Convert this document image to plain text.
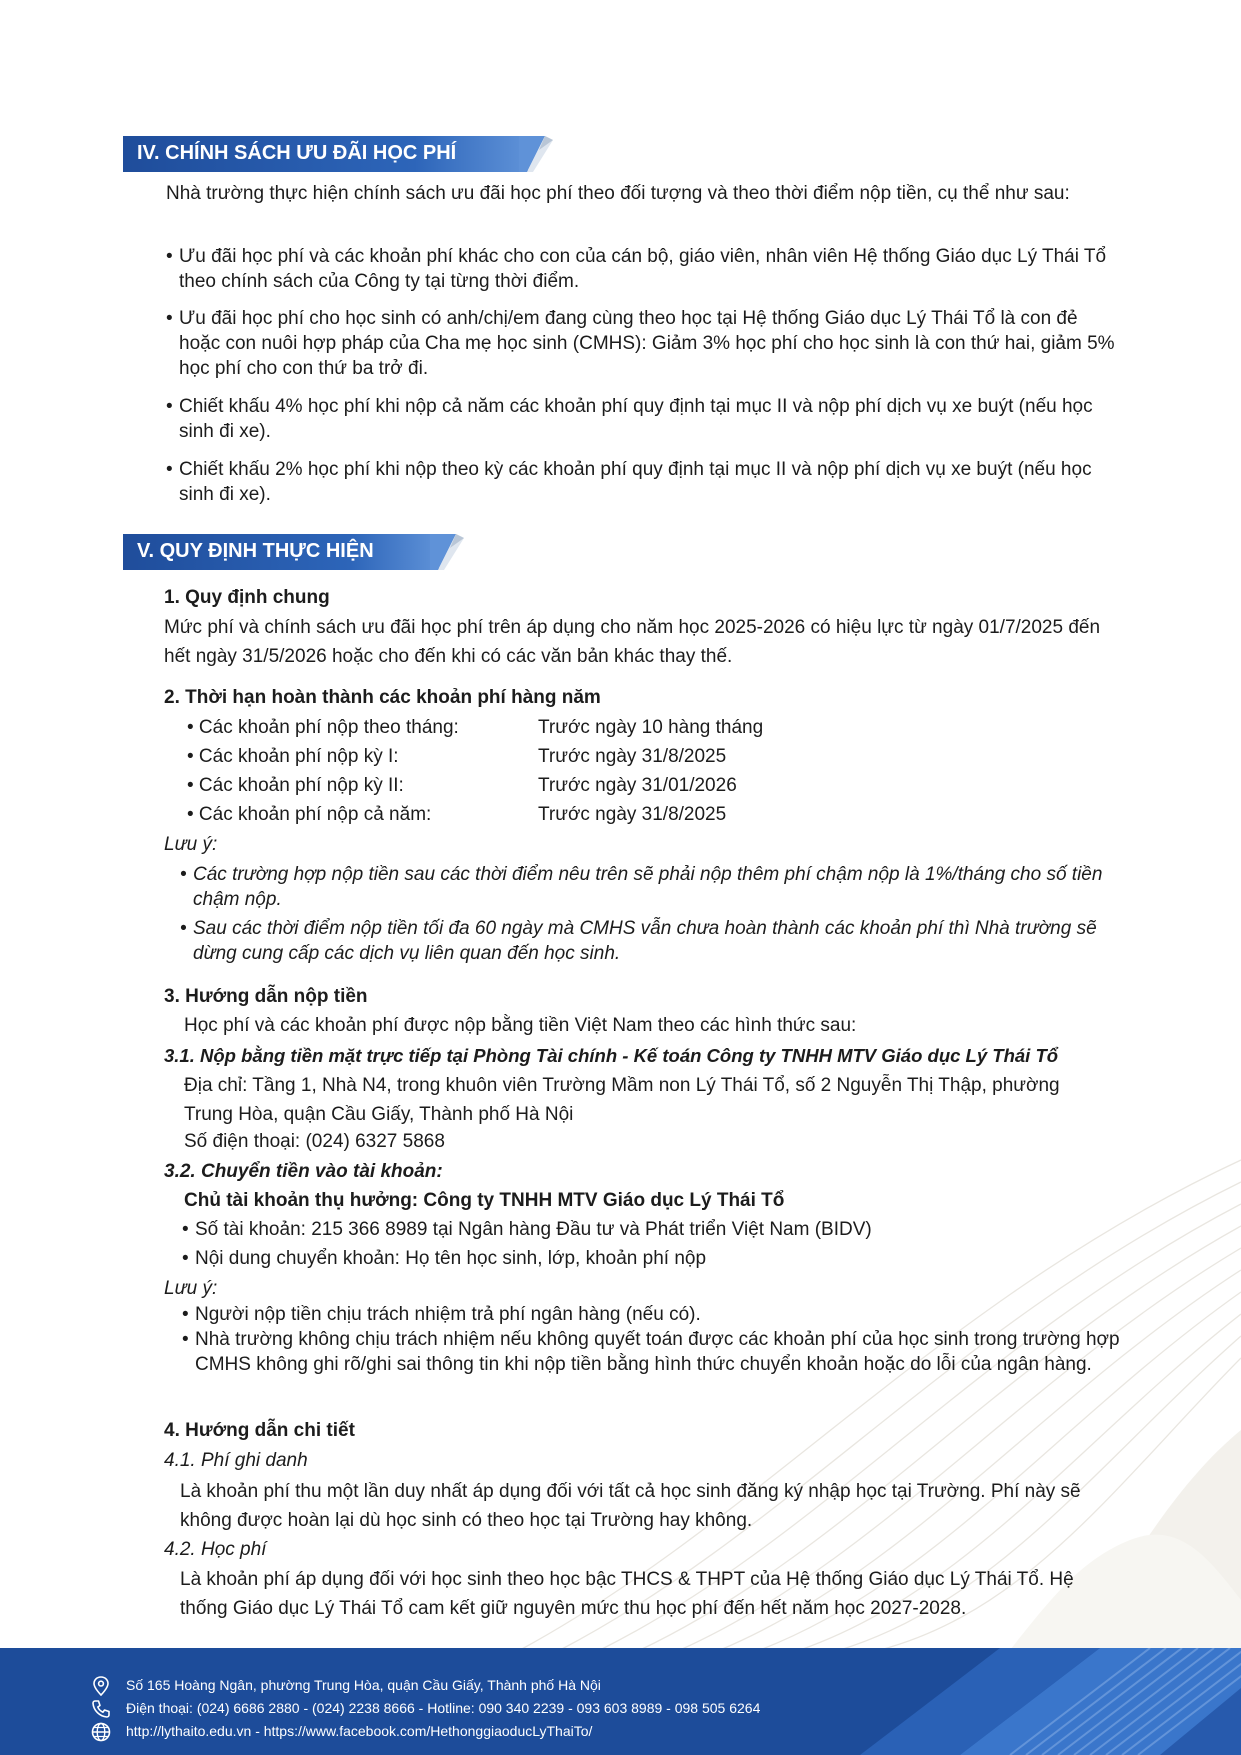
IV. CHÍNH SÁCH ƯU ĐÃI HỌC PHÍ
Nhà trường thực hiện chính sách ưu đãi học phí theo đối tượng và theo thời điểm nộp tiền, cụ thể như sau:
• Ưu đãi học phí và các khoản phí khác cho con của cán bộ, giáo viên, nhân viên Hệ thống Giáo dục Lý Thái Tổ theo chính sách của Công ty tại từng thời điểm.
• Ưu đãi học phí cho học sinh có anh/chị/em đang cùng theo học tại Hệ thống Giáo dục Lý Thái Tổ là con đẻ hoặc con nuôi hợp pháp của Cha mẹ học sinh (CMHS): Giảm 3% học phí cho học sinh là con thứ hai, giảm 5% học phí cho con thứ ba trở đi.
• Chiết khấu 4% học phí khi nộp cả năm các khoản phí quy định tại mục II và nộp phí dịch vụ xe buýt (nếu học sinh đi xe).
• Chiết khấu 2% học phí khi nộp theo kỳ các khoản phí quy định tại mục II và nộp phí dịch vụ xe buýt (nếu học sinh đi xe).
V. QUY ĐỊNH THỰC HIỆN
1. Quy định chung
Mức phí và chính sách ưu đãi học phí trên áp dụng cho năm học 2025-2026 có hiệu lực từ ngày 01/7/2025 đến hết ngày 31/5/2026 hoặc cho đến khi có các văn bản khác thay thế.
2. Thời hạn hoàn thành các khoản phí hàng năm
• Các khoản phí nộp theo tháng:	Trước ngày 10 hàng tháng
• Các khoản phí nộp kỳ I:	Trước ngày 31/8/2025
• Các khoản phí nộp kỳ II:	Trước ngày 31/01/2026
• Các khoản phí nộp cả năm:	Trước ngày 31/8/2025
Lưu ý:
• Các trường hợp nộp tiền sau các thời điểm nêu trên sẽ phải nộp thêm phí chậm nộp là 1%/tháng cho số tiền chậm nộp.
• Sau các thời điểm nộp tiền tối đa 60 ngày mà CMHS vẫn chưa hoàn thành các khoản phí thì Nhà trường sẽ dừng cung cấp các dịch vụ liên quan đến học sinh.
3. Hướng dẫn nộp tiền
Học phí và các khoản phí được nộp bằng tiền Việt Nam theo các hình thức sau:
3.1. Nộp bằng tiền mặt trực tiếp tại Phòng Tài chính - Kế toán Công ty TNHH MTV Giáo dục Lý Thái Tổ
Địa chỉ: Tầng 1, Nhà N4, trong khuôn viên Trường Mầm non Lý Thái Tổ, số 2 Nguyễn Thị Thập, phường Trung Hòa, quận Cầu Giấy, Thành phố Hà Nội
Số điện thoại: (024) 6327 5868
3.2. Chuyển tiền vào tài khoản:
Chủ tài khoản thụ hưởng: Công ty TNHH MTV Giáo dục Lý Thái Tổ
• Số tài khoản: 215 366 8989 tại Ngân hàng Đầu tư và Phát triển Việt Nam (BIDV)
• Nội dung chuyển khoản: Họ tên học sinh, lớp, khoản phí nộp
Lưu ý:
• Người nộp tiền chịu trách nhiệm trả phí ngân hàng (nếu có).
• Nhà trường không chịu trách nhiệm nếu không quyết toán được các khoản phí của học sinh trong trường hợp CMHS không ghi rõ/ghi sai thông tin khi nộp tiền bằng hình thức chuyển khoản hoặc do lỗi của ngân hàng.
4. Hướng dẫn chi tiết
4.1. Phí ghi danh
Là khoản phí thu một lần duy nhất áp dụng đối với tất cả học sinh đăng ký nhập học tại Trường. Phí này sẽ không được hoàn lại dù học sinh có theo học tại Trường hay không.
4.2. Học phí
Là khoản phí áp dụng đối với học sinh theo học bậc THCS & THPT của Hệ thống Giáo dục Lý Thái Tổ. Hệ thống Giáo dục Lý Thái Tổ cam kết giữ nguyên mức thu học phí đến hết năm học 2027-2028.
Số 165 Hoàng Ngân, phường Trung Hòa, quận Cầu Giấy, Thành phố Hà Nội
Điện thoại: (024) 6686 2880 - (024) 2238 8666 - Hotline: 090 340 2239 - 093 603 8989 - 098 505 6264
http://lythaito.edu.vn - https://www.facebook.com/HethonggiaoducLyThaiTo/
